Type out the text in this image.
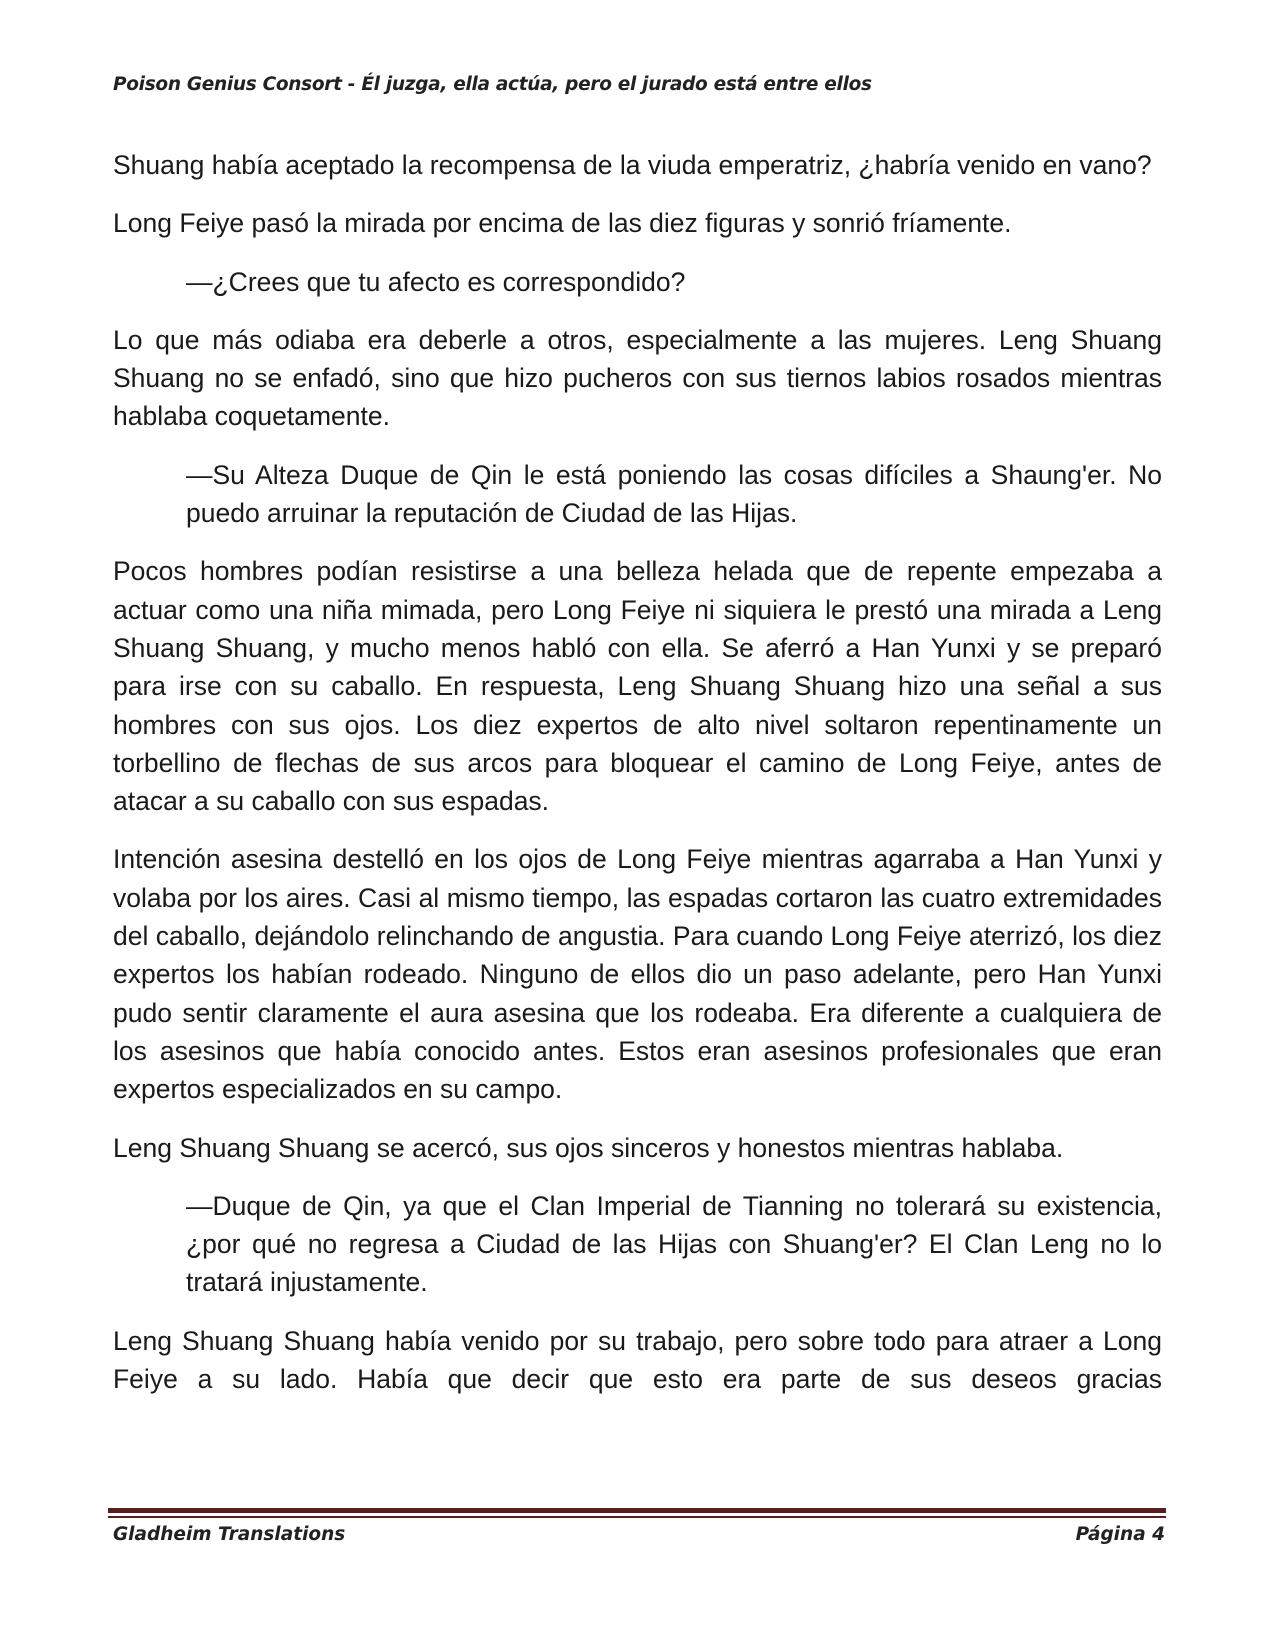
Poison Genius Consort - Él juzga, ella actúa, pero el jurado está entre ellos

Shuang había aceptado la recompensa de la viuda emperatriz, ¿habría venido en vano?

Long Feiye pasó la mirada por encima de las diez figuras y sonrió fríamente.

—¿Crees que tu afecto es correspondido?

Lo que más odiaba era deberle a otros, especialmente a las mujeres. Leng Shuang Shuang no se enfadó, sino que hizo pucheros con sus tiernos labios rosados mientras hablaba coquetamente.

—Su Alteza Duque de Qin le está poniendo las cosas difíciles a Shaung'er. No puedo arruinar la reputación de Ciudad de las Hijas.

Pocos hombres podían resistirse a una belleza helada que de repente empezaba a actuar como una niña mimada, pero Long Feiye ni siquiera le prestó una mirada a Leng Shuang Shuang, y mucho menos habló con ella. Se aferró a Han Yunxi y se preparó para irse con su caballo. En respuesta, Leng Shuang Shuang hizo una señal a sus hombres con sus ojos. Los diez expertos de alto nivel soltaron repentinamente un torbellino de flechas de sus arcos para bloquear el camino de Long Feiye, antes de atacar a su caballo con sus espadas.

Intención asesina destelló en los ojos de Long Feiye mientras agarraba a Han Yunxi y volaba por los aires. Casi al mismo tiempo, las espadas cortaron las cuatro extremidades del caballo, dejándolo relinchando de angustia. Para cuando Long Feiye aterrizó, los diez expertos los habían rodeado. Ninguno de ellos dio un paso adelante, pero Han Yunxi pudo sentir claramente el aura asesina que los rodeaba. Era diferente a cualquiera de los asesinos que había conocido antes. Estos eran asesinos profesionales que eran expertos especializados en su campo.

Leng Shuang Shuang se acercó, sus ojos sinceros y honestos mientras hablaba.

—Duque de Qin, ya que el Clan Imperial de Tianning no tolerará su existencia, ¿por qué no regresa a Ciudad de las Hijas con Shuang'er? El Clan Leng no lo tratará injustamente.

Leng Shuang Shuang había venido por su trabajo, pero sobre todo para atraer a Long Feiye a su lado. Había que decir que esto era parte de sus deseos gracias

Gladheim Translations	Página 4
